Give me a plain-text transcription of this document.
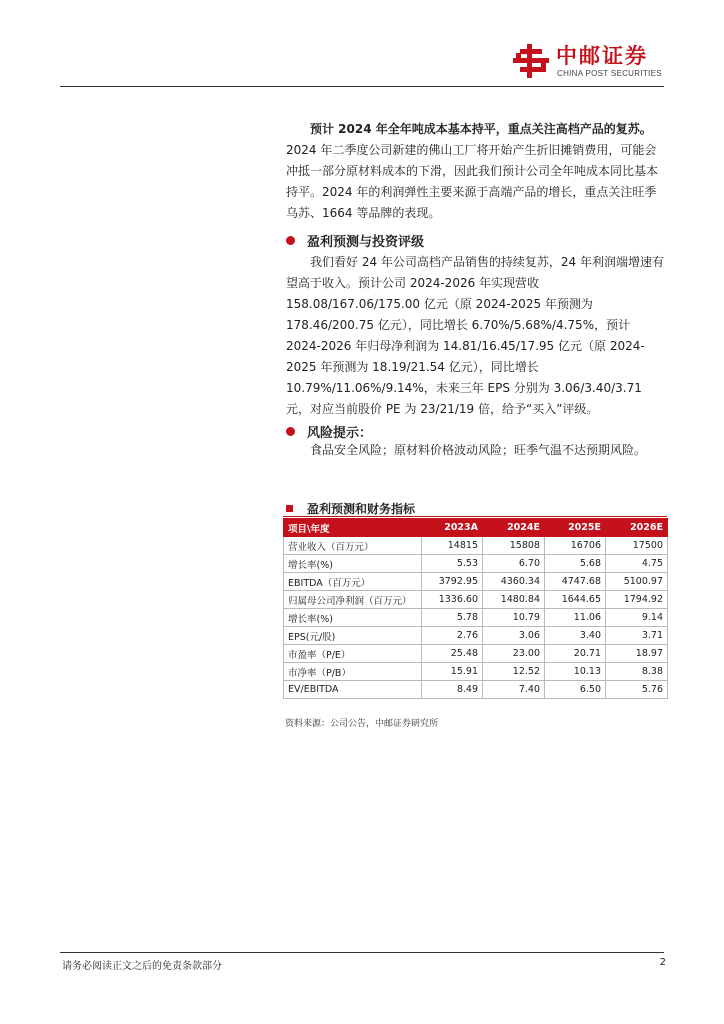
中邮证券
CHINA POST SECURITIES
预计 2024 年全年吨成本基本持平，重点关注高档产品的复苏。
2024 年二季度公司新建的佛山工厂将开始产生折旧摊销费用，可能会冲抵一部分原材料成本的下滑，因此我们预计公司全年吨成本同比基本持平。2024 年的利润弹性主要来源于高端产品的增长，重点关注旺季乌苏、1664 等品牌的表现。
盈利预测与投资评级
我们看好 24 年公司高档产品销售的持续复苏，24 年利润端增速有望高于收入。预计公司 2024-2026 年实现营收 158.08/167.06/175.00 亿元（原 2024-2025 年预测为 178.46/200.75 亿元），同比增长 6.70%/5.68%/4.75%，预计 2024-2026 年归母净利润为 14.81/16.45/17.95 亿元（原 2024-2025 年预测为 18.19/21.54 亿元），同比增长 10.79%/11.06%/9.14%，未来三年 EPS 分别为 3.06/3.40/3.71 元，对应当前股价 PE 为 23/21/19 倍，给予“买入”评级。
风险提示：
食品安全风险；原材料价格波动风险；旺季气温不达预期风险。
盈利预测和财务指标
项目\年度	2023A	2024E	2025E	2026E
营业收入（百万元）	14815	15808	16706	17500
增长率(%)	5.53	6.70	5.68	4.75
EBITDA（百万元）	3792.95	4360.34	4747.68	5100.97
归属母公司净利润（百万元）	1336.60	1480.84	1644.65	1794.92
增长率(%)	5.78	10.79	11.06	9.14
EPS(元/股)	2.76	3.06	3.40	3.71
市盈率（P/E）	25.48	23.00	20.71	18.97
市净率（P/B）	15.91	12.52	10.13	8.38
EV/EBITDA	8.49	7.40	6.50	5.76
资料来源：公司公告，中邮证券研究所
请务必阅读正文之后的免责条款部分	2
